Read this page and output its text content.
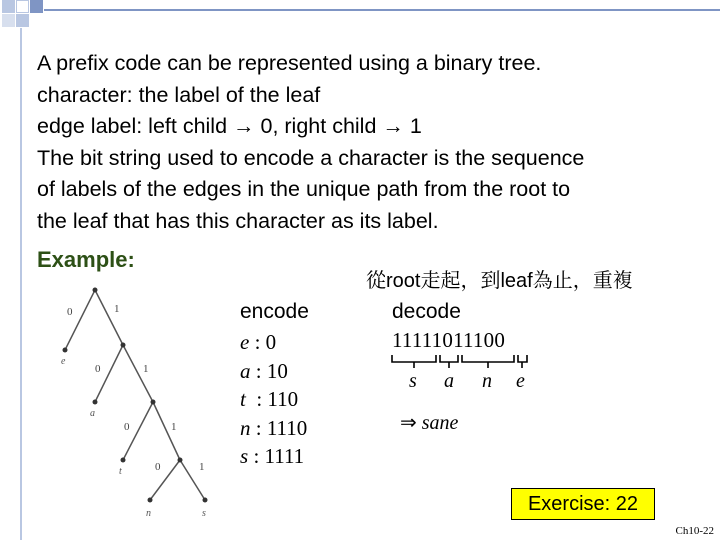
A prefix code can be represented using a binary tree.
character: the label of the leaf
edge label: left child → 0, right child → 1
The bit string used to encode a character is the sequence
of labels of the edges in the unique path from the root to
the leaf that has this character as its label.
Example:
從root走起，到leaf為止，重複
0	1
0	1
0	1
0	1
e
a
t
n	s
encode
e : 0
a : 10
t  : 110
n : 1110
s : 1111
decode
11111011100
s a n e
⇒ sane
Exercise: 22
Ch10-22
